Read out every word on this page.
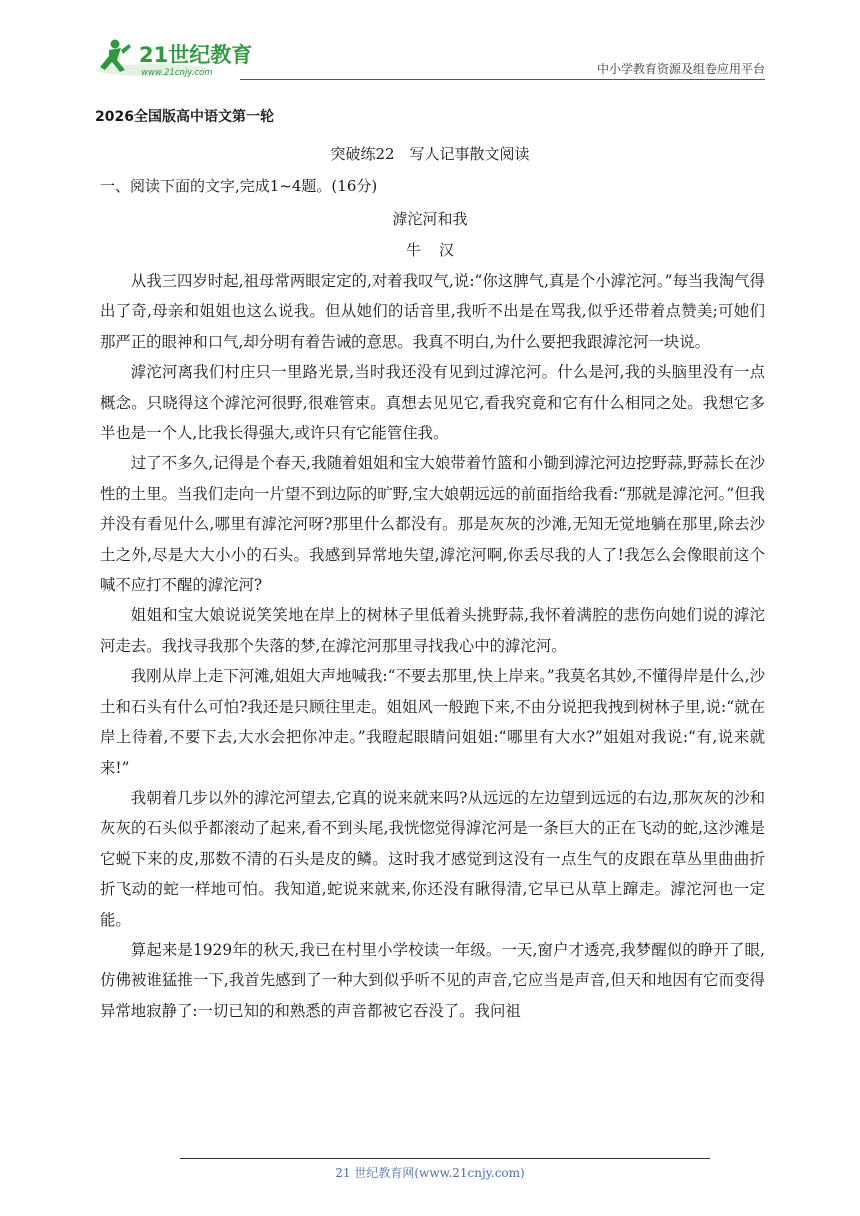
21世纪教育
www.21cnjy.com	中小学教育资源及组卷应用平台
2026全国版高中语文第一轮
突破练22　写人记事散文阅读
一、阅读下面的文字,完成1~4题。(16分)
滹沱河和我
牛汉

从我三四岁时起,祖母常两眼定定的,对着我叹气,说:“你这脾气,真是个小滹沱河。”每当我淘气得出了奇,母亲和姐姐也这么说我。但从她们的话音里,我听不出是在骂我,似乎还带着点赞美;可她们那严正的眼神和口气,却分明有着告诫的意思。我真不明白,为什么要把我跟滹沱河一块说。

滹沱河离我们村庄只一里路光景,当时我还没有见到过滹沱河。什么是河,我的头脑里没有一点概念。只晓得这个滹沱河很野,很难管束。真想去见见它,看我究竟和它有什么相同之处。我想它多半也是一个人,比我长得强大,或许只有它能管住我。

过了不多久,记得是个春天,我随着姐姐和宝大娘带着竹篮和小锄到滹沱河边挖野蒜,野蒜长在沙性的土里。当我们走向一片望不到边际的旷野,宝大娘朝远远的前面指给我看:“那就是滹沱河。”但我并没有看见什么,哪里有滹沱河呀?那里什么都没有。那是灰灰的沙滩,无知无觉地躺在那里,除去沙土之外,尽是大大小小的石头。我感到异常地失望,滹沱河啊,你丢尽我的人了!我怎么会像眼前这个喊不应打不醒的滹沱河?

姐姐和宝大娘说说笑笑地在岸上的树林子里低着头挑野蒜,我怀着满腔的悲伤向她们说的滹沱河走去。我找寻我那个失落的梦,在滹沱河那里寻找我心中的滹沱河。

我刚从岸上走下河滩,姐姐大声地喊我:“不要去那里,快上岸来。”我莫名其妙,不懂得岸是什么,沙土和石头有什么可怕?我还是只顾往里走。姐姐风一般跑下来,不由分说把我拽到树林子里,说:“就在岸上待着,不要下去,大水会把你冲走。”我瞪起眼睛问姐姐:“哪里有大水?”姐姐对我说:“有,说来就来!”

我朝着几步以外的滹沱河望去,它真的说来就来吗?从远远的左边望到远远的右边,那灰灰的沙和灰灰的石头似乎都滚动了起来,看不到头尾,我恍惚觉得滹沱河是一条巨大的正在飞动的蛇,这沙滩是它蜕下来的皮,那数不清的石头是皮的鳞。这时我才感觉到这没有一点生气的皮跟在草丛里曲曲折折飞动的蛇一样地可怕。我知道,蛇说来就来,你还没有瞅得清,它早已从草上蹿走。滹沱河也一定能。

算起来是1929年的秋天,我已在村里小学校读一年级。一天,窗户才透亮,我梦醒似的睁开了眼,仿佛被谁猛推一下,我首先感到了一种大到似乎听不见的声音,它应当是声音,但天和地因有它而变得异常地寂静了:一切已知的和熟悉的声音都被它吞没了。我问祖

21 世纪教育网(www.21cnjy.com)
